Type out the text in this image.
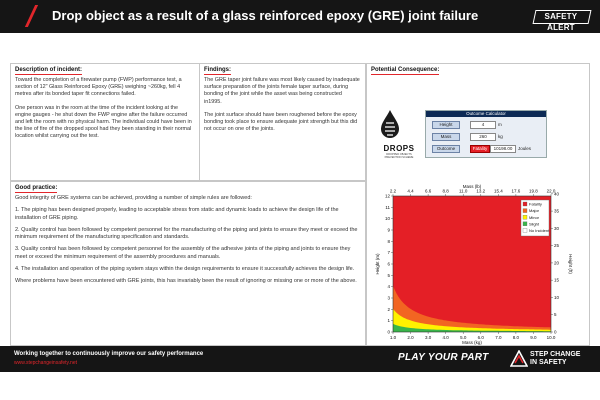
Drop object as a result of a glass reinforced epoxy (GRE) joint failure	SAFETY ALERT
Description of incident:

Toward the completion of a firewater pump (FWP) performance test, a section of 12" Glass Reinforced Epoxy (GRE) weighing ~260kg, fell 4 metres after its bonded taper fit connections failed.

One person was in the room at the time of the incident looking at the engine gauges - he shut down the FWP engine after the failure occurred and left the room with no physical harm. The individual could have been in the line of fire of the dropped spool had they been standing in their normal location whilst carrying out the test.

Findings:

The GRE taper joint failure was most likely caused by inadequate surface preparation of the joints female taper surface, during bonding of the joint while the asset was being constructed in1995.

The joint surface should have been roughened before the epoxy bonding took place to ensure adequate joint strength but this did not occur on one of the joints.

Potential Consequence:
DROPS
DROPPED OBJECTS PREVENTION SCHEME
Outcome Calculator
Height	4	m
Mass	260	kg
Outcome	Fatality	10198.00	Joules
1.0	2.0	3.0	4.0	5.0	6.0	7.0	8.0	9.0 10.0
2.2	4.4	6.6	8.8 11.0 13.2 15.4 17.6 19.8 22.0
0
1
2
3
4
5
6
7
8
9
10
11
12
0
5
10
15
20
25
30
35
40
Mass (lb)
Mass (kg)
Height (m)	Height (ft)
Fatality
Major
Minor
Slight
No Incident
Good practice:

Good integrity of GRE systems can be achieved, providing a number of simple rules are followed:

1. The piping has been designed properly, leading to acceptable stress from static and dynamic loads to achieve the design life of the installation of GRE piping.

2. Quality control has been followed by competent personnel for the manufacturing of the piping and joints to ensure they meet or exceed the minimum requirement of the manufacturing specification and standards.

3. Quality control has been followed by competent personnel for the assembly of the adhesive joints of the piping and joints to ensure they meet or exceed the minimum requirement of the assembly procedures and manuals.

4. The installation and operation of the piping system stays within the design requirements to ensure it successfully achieves the design life.

Where problems have been encountered with GRE joints, this has invariably been the result of ignoring or missing one or more of the above.

Working together to continuously improve our safety performance
www.stepchangeinsafety.net	PLAY YOUR PART	STEP CHANGE
IN SAFETY
